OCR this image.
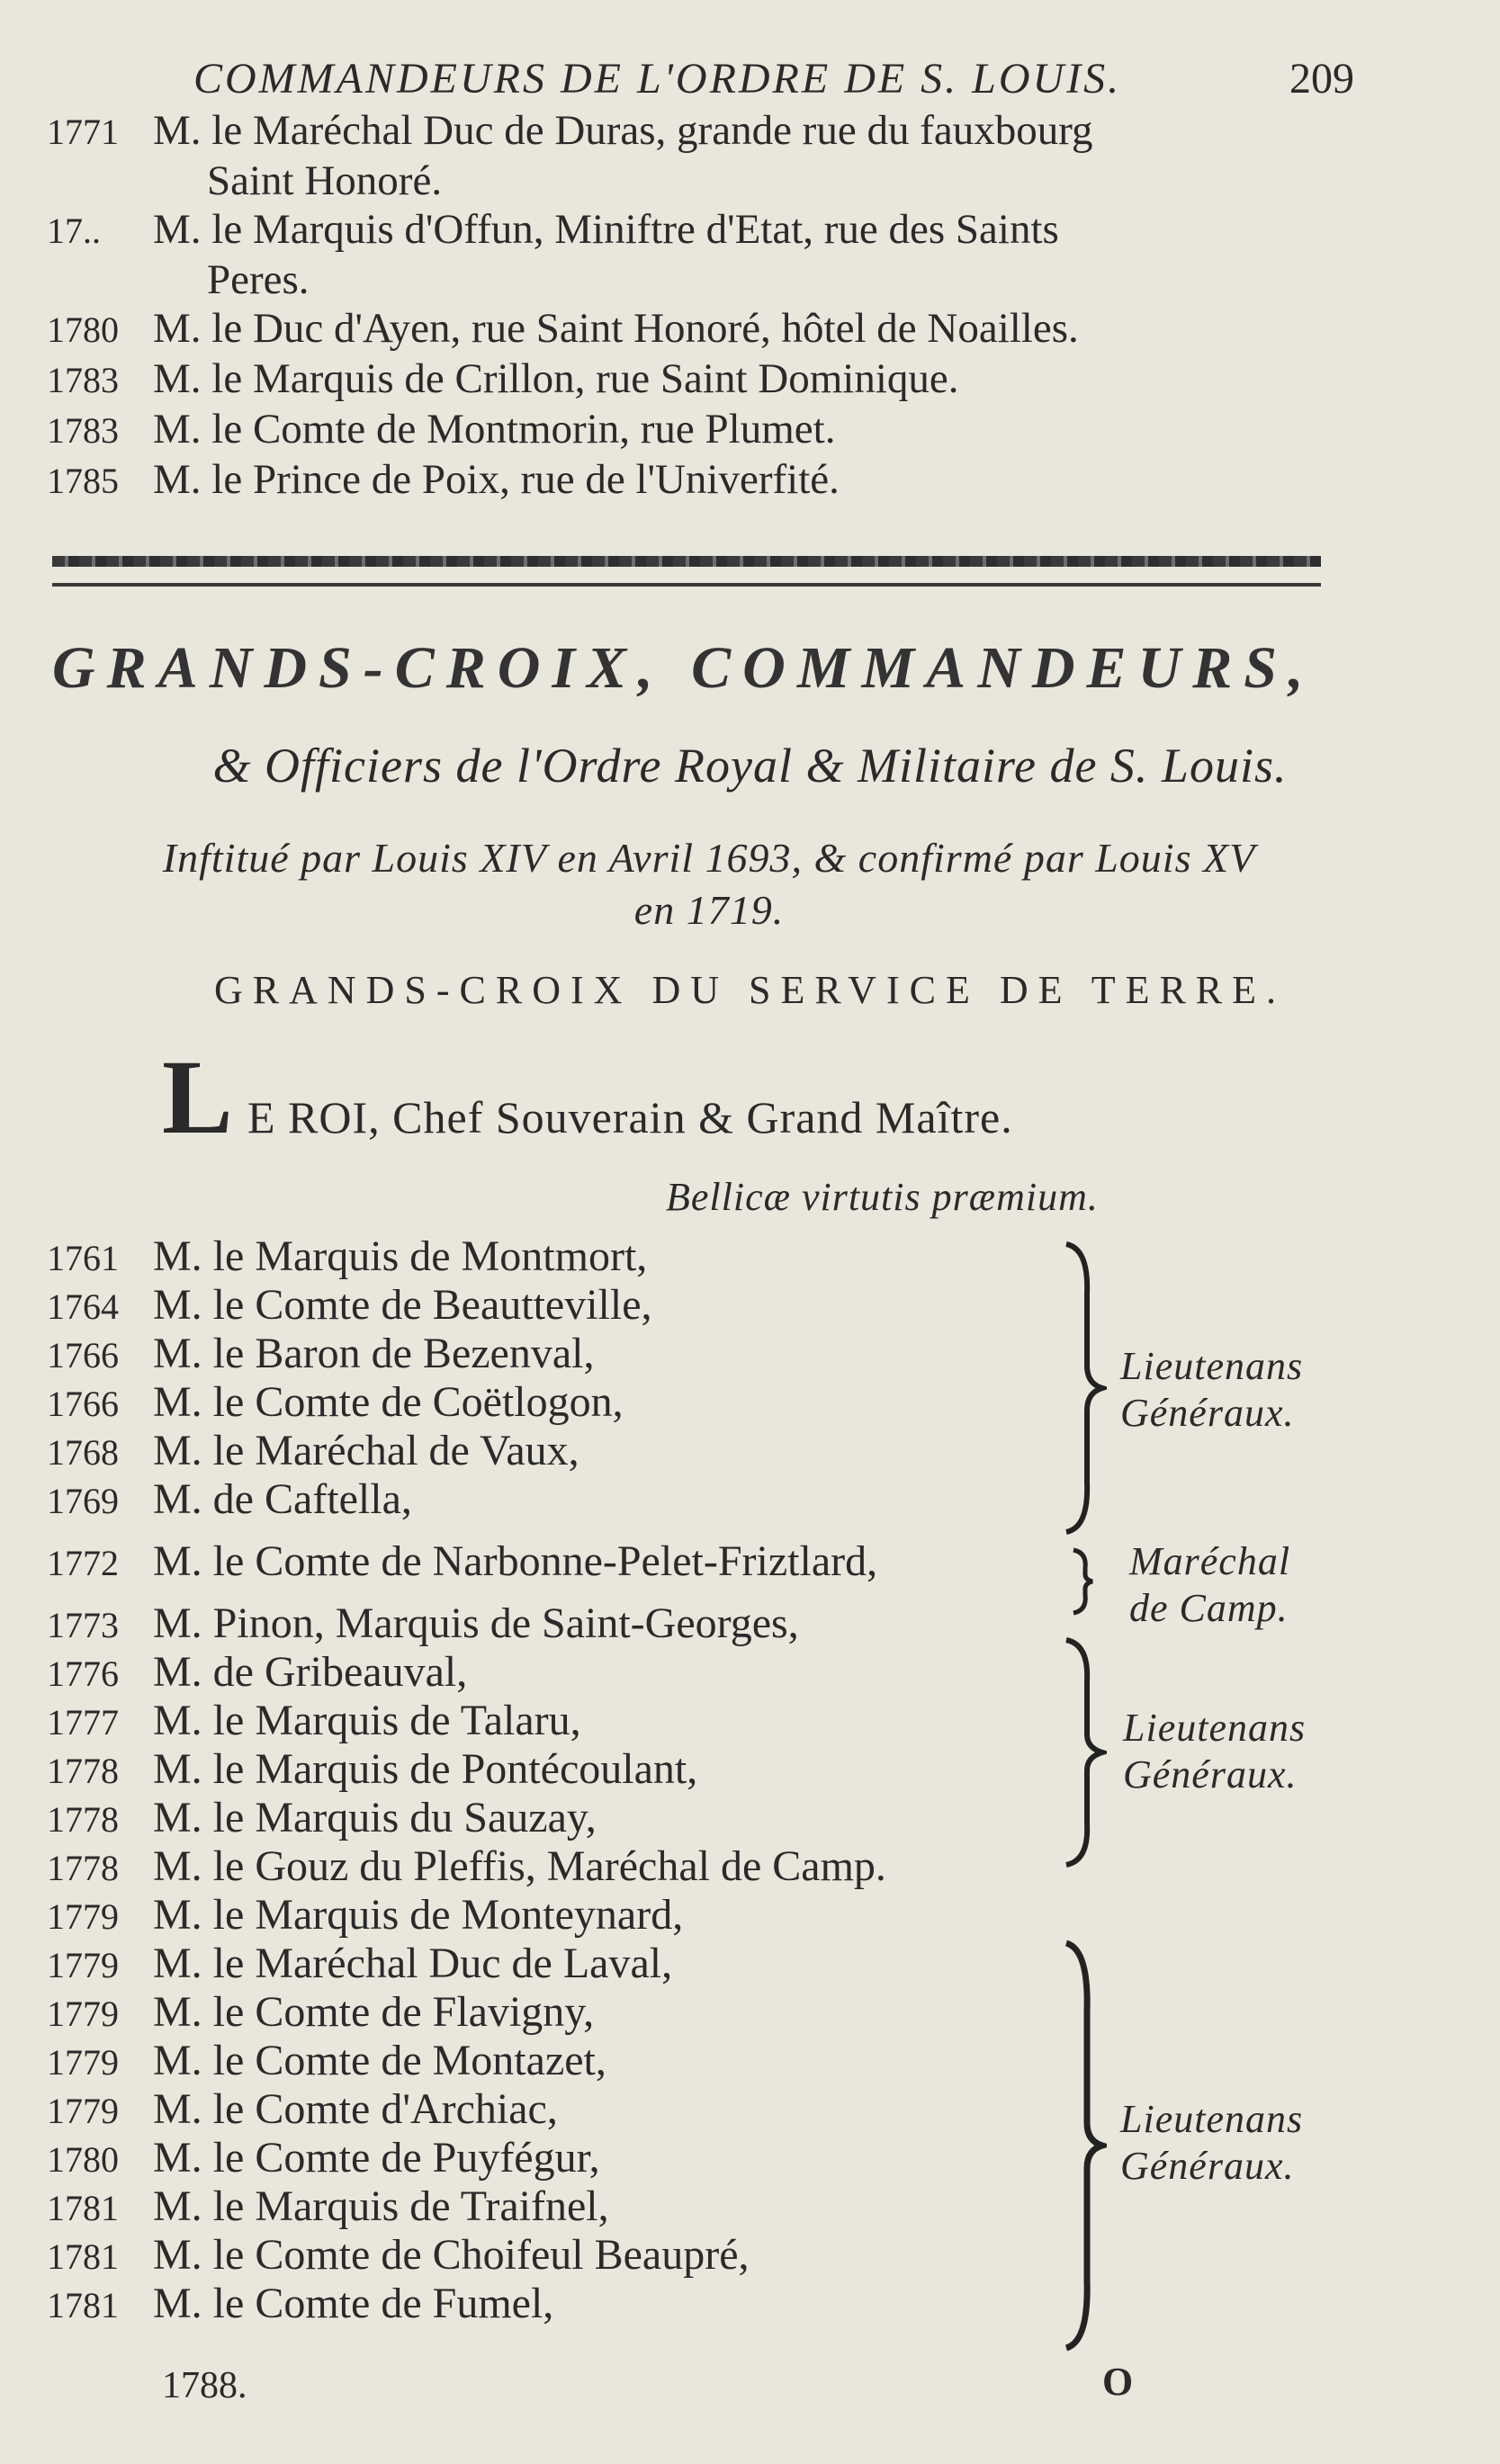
COMMANDEURS DE L'ORDRE DE S. LOUIS.	209
1771 M. le Maréchal Duc de Duras, grande rue du fauxbourg
Saint Honoré.
17.. M. le Marquis d'Offun, Miniftre d'Etat, rue des Saints
Peres.
1780 M. le Duc d'Ayen, rue Saint Honoré, hôtel de Noailles.
1783 M. le Marquis de Crillon, rue Saint Dominique.
1783 M. le Comte de Montmorin, rue Plumet.
1785 M. le Prince de Poix, rue de l'Univerfité.
GRANDS-CROIX, COMMANDEURS,
& Officiers de l'Ordre Royal & Militaire de S. Louis.
Inftitué par Louis XIV en Avril 1693, & confirmé par Louis XV
en 1719.
GRANDS-CROIX DU SERVICE DE TERRE.
L E ROI, Chef Souverain & Grand Maître.
Bellicæ virtutis præmium.
1761 M. le Marquis de Montmort,
1764 M. le Comte de Beautteville,
1766 M. le Baron de Bezenval,
1766 M. le Comte de Coëtlogon,
1768 M. le Maréchal de Vaux,
1769 M. de Caftella,
1772 M. le Comte de Narbonne-Pelet-Friztlard,
1773 M. Pinon, Marquis de Saint-Georges,
1776 M. de Gribeauval,
1777 M. le Marquis de Talaru,
1778 M. le Marquis de Pontécoulant,
1778 M. le Marquis du Sauzay,
1778 M. le Gouz du Pleffis, Maréchal de Camp.
1779 M. le Marquis de Monteynard,
1779 M. le Maréchal Duc de Laval,
1779 M. le Comte de Flavigny,
1779 M. le Comte de Montazet,
1779 M. le Comte d'Archiac,
1780 M. le Comte de Puyfégur,
1781 M. le Marquis de Traifnel,
1781 M. le Comte de Choifeul Beaupré,
1781 M. le Comte de Fumel,
Lieutenans
Généraux.
Maréchal
de Camp.
Lieutenans
Généraux.
Lieutenans
Généraux.
1788.	O
